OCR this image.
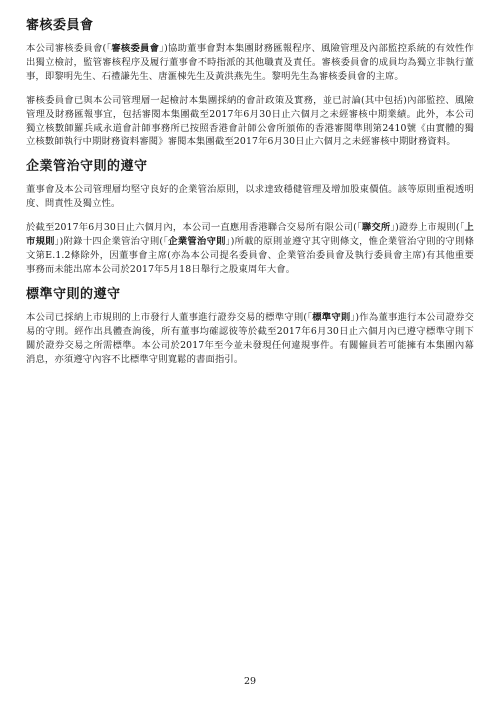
審核委員會

本公司審核委員會(「審核委員會」)協助董事會對本集團財務匯報程序、風險管理及內部監控系統的有效性作出獨立檢討，監管審核程序及履行董事會不時指派的其他職責及責任。審核委員會的成員均為獨立非執行董事，即黎明先生、石禮謙先生、唐滙棟先生及黃洪燕先生。黎明先生為審核委員會的主席。

審核委員會已與本公司管理層一起檢討本集團採納的會計政策及實務，並已討論(其中包括)內部監控、風險管理及財務匯報事宜，包括審閱本集團截至2017年6月30日止六個月之未經審核中期業績。此外，本公司獨立核數師羅兵咸永道會計師事務所已按照香港會計師公會所頒佈的香港審閱準則第2410號《由實體的獨立核數師執行中期財務資料審閱》審閱本集團截至2017年6月30日止六個月之未經審核中期財務資料。

企業管治守則的遵守

董事會及本公司管理層均堅守良好的企業管治原則，以求達致穩健管理及增加股東價值。該等原則重視透明度、問責性及獨立性。

於截至2017年6月30日止六個月內，本公司一直應用香港聯合交易所有限公司(「聯交所」)證券上市規則(「上市規則」)附錄十四企業管治守則(「企業管治守則」)所載的原則並遵守其守則條文，惟企業管治守則的守則條文第E.1.2條除外，因董事會主席(亦為本公司提名委員會、企業管治委員會及執行委員會主席)有其他重要事務而未能出席本公司於2017年5月18日舉行之股東周年大會。

標準守則的遵守

本公司已採納上市規則的上市發行人董事進行證券交易的標準守則(「標準守則」)作為董事進行本公司證券交易的守則。經作出具體查詢後，所有董事均確認彼等於截至2017年6月30日止六個月內已遵守標準守則下關於證券交易之所需標準。本公司於2017年至今並未發現任何違規事件。有關僱員若可能擁有本集團內幕消息，亦須遵守內容不比標準守則寬鬆的書面指引。

29
